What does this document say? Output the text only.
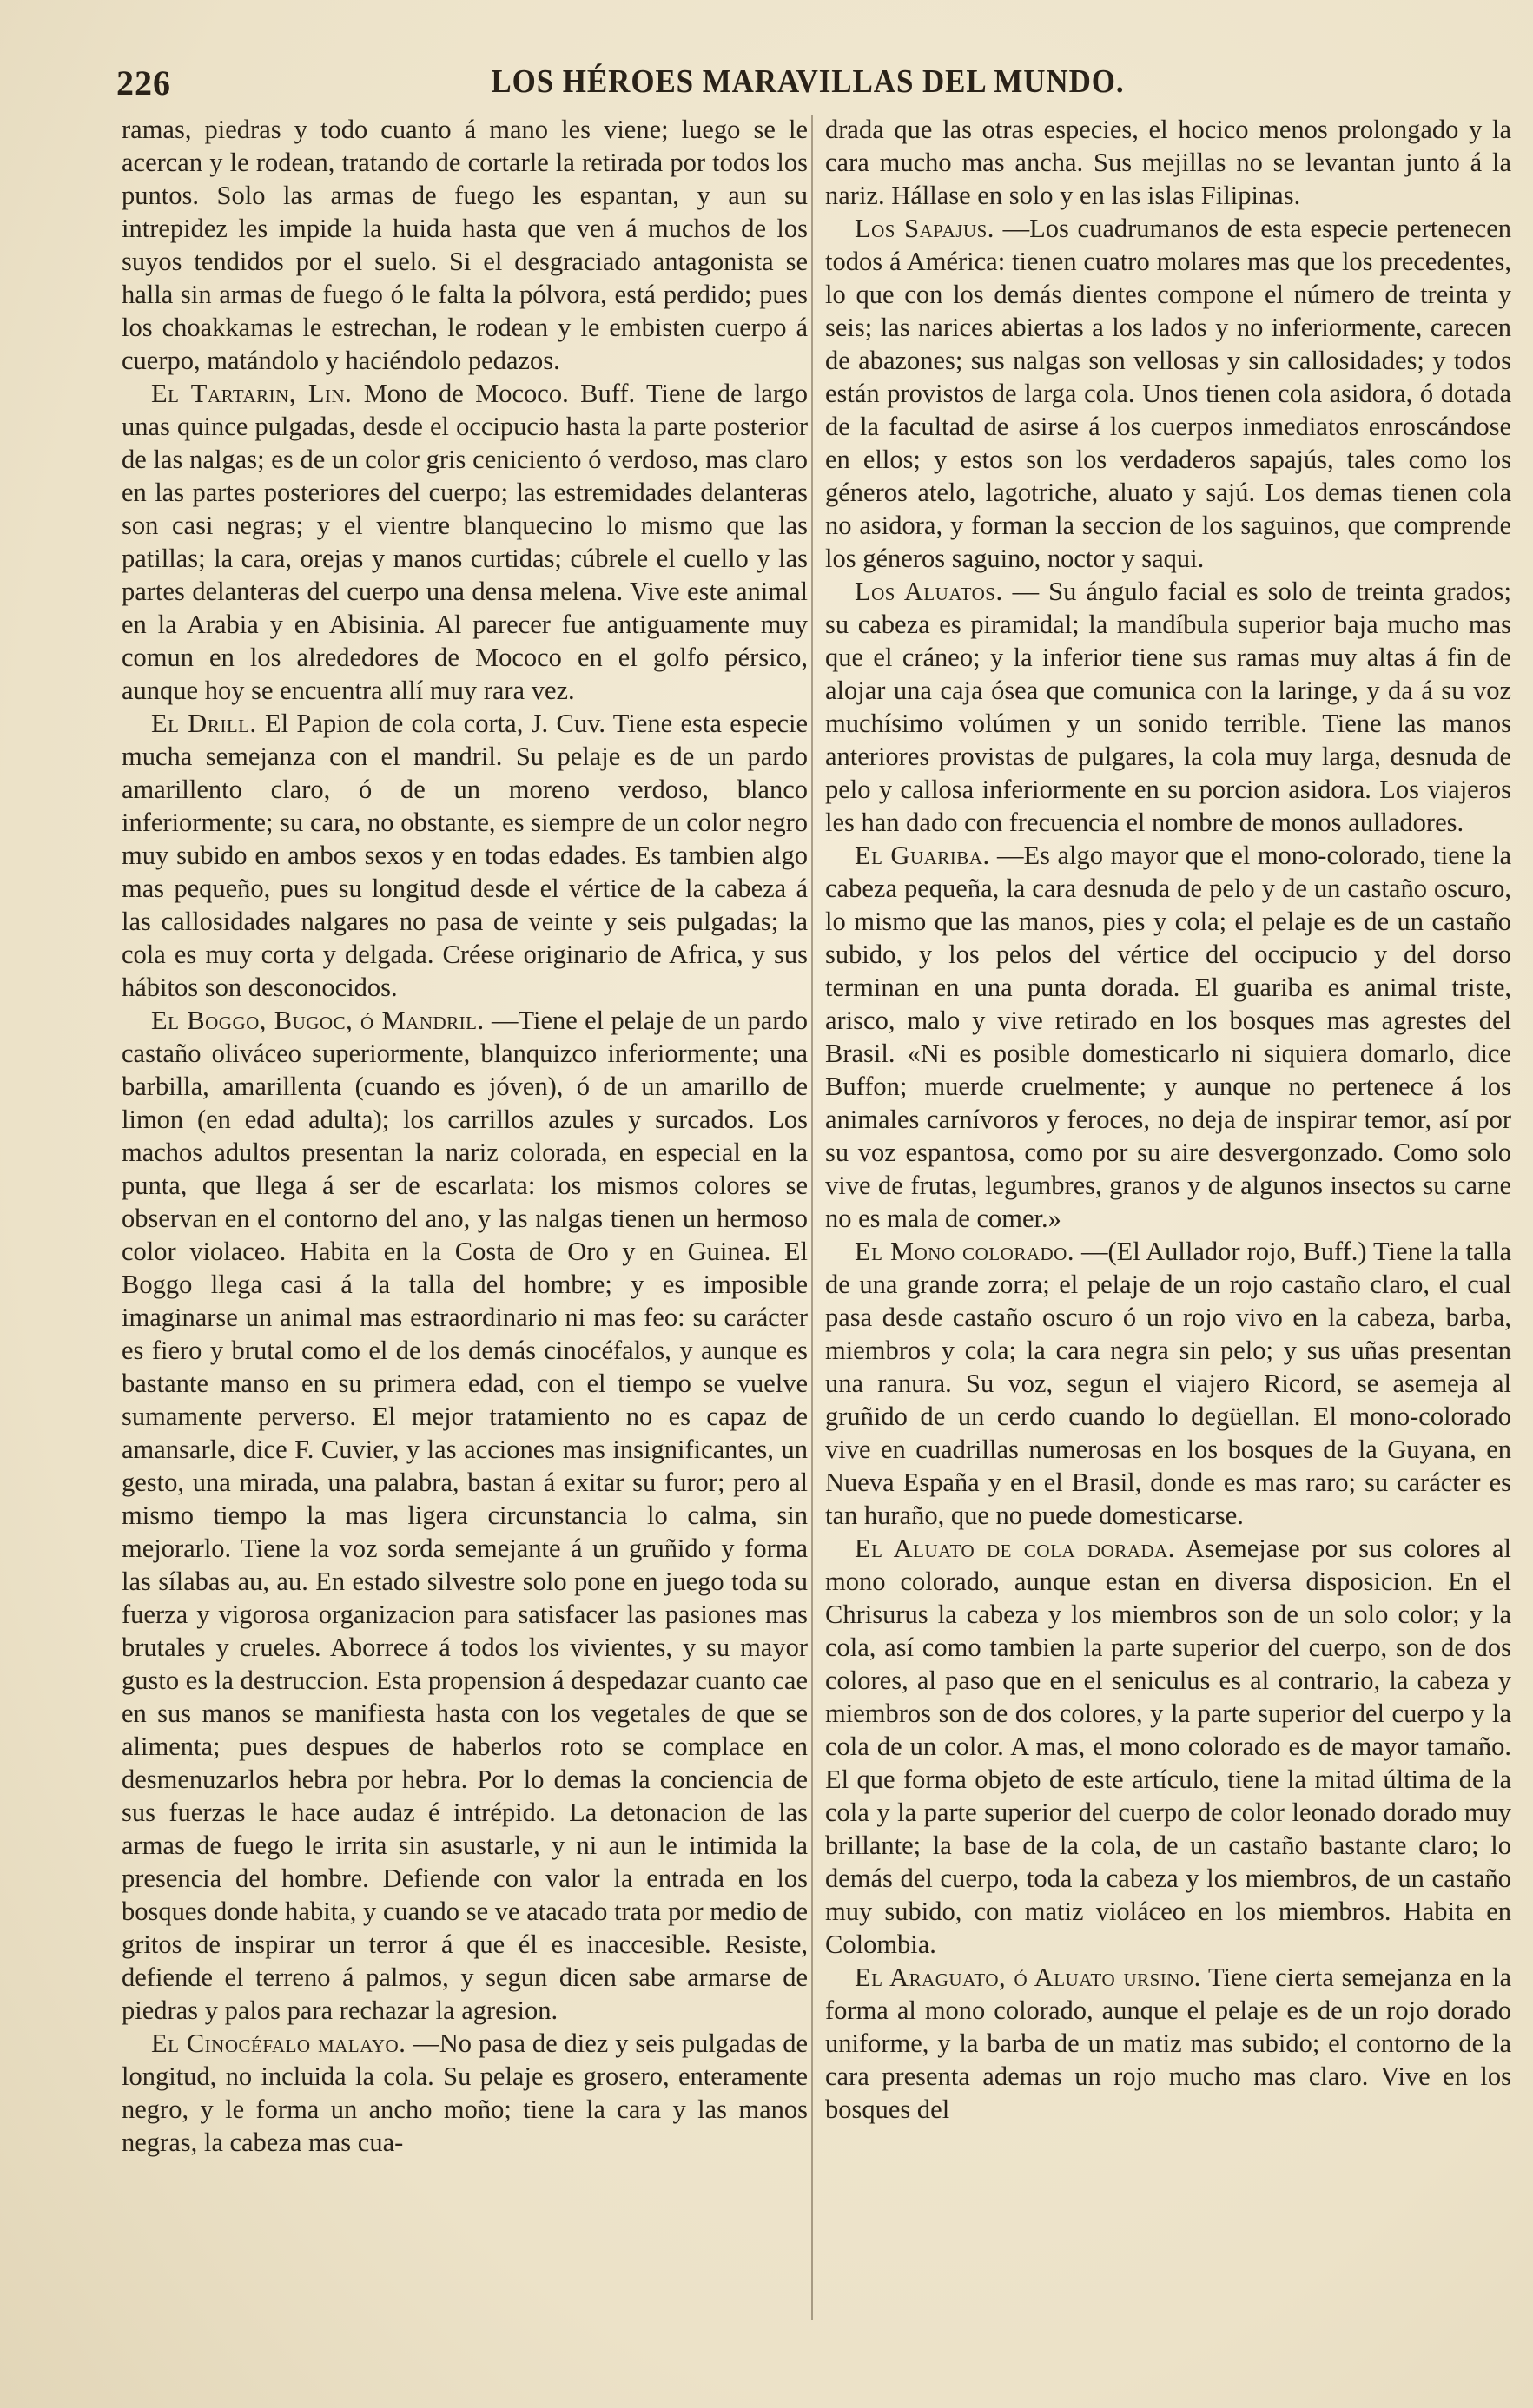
226	LOS HÉROES MARAVILLAS DEL MUNDO.

ramas, piedras y todo cuanto á mano les viene; luego se le acercan y le rodean, tratando de cortarle la retirada por todos los puntos. Solo las armas de fuego les espantan, y aun su intrepidez les impide la huida hasta que ven á muchos de los suyos tendidos por el suelo. Si el desgraciado antagonista se halla sin armas de fuego ó le falta la pólvora, está perdido; pues los choakkamas le estrechan, le rodean y le embisten cuerpo á cuerpo, matándolo y haciéndolo pedazos.

El Tartarin, Lin. Mono de Mococo. Buff. Tiene de largo unas quince pulgadas, desde el occipucio hasta la parte posterior de las nalgas; es de un color gris ceniciento ó verdoso, mas claro en las partes posteriores del cuerpo; las estremidades delanteras son casi negras; y el vientre blanquecino lo mismo que las patillas; la cara, orejas y manos curtidas; cúbrele el cuello y las partes delanteras del cuerpo una densa melena. Vive este animal en la Arabia y en Abisinia. Al parecer fue antiguamente muy comun en los alrededores de Mococo en el golfo pérsico, aunque hoy se encuentra allí muy rara vez.

El Drill. El Papion de cola corta, J. Cuv. Tiene esta especie mucha semejanza con el mandril. Su pelaje es de un pardo amarillento claro, ó de un moreno verdoso, blanco inferiormente; su cara, no obstante, es siempre de un color negro muy subido en ambos sexos y en todas edades. Es tambien algo mas pequeño, pues su longitud desde el vértice de la cabeza á las callosidades nalgares no pasa de veinte y seis pulgadas; la cola es muy corta y delgada. Créese originario de Africa, y sus hábitos son desconocidos.

El Boggo, Bugoc, ó Mandril. —Tiene el pelaje de un pardo castaño oliváceo superiormente, blanquizco inferiormente; una barbilla, amarillenta (cuando es jóven), ó de un amarillo de limon (en edad adulta); los carrillos azules y surcados. Los machos adultos presentan la nariz colorada, en especial en la punta, que llega á ser de escarlata: los mismos colores se observan en el contorno del ano, y las nalgas tienen un hermoso color violaceo. Habita en la Costa de Oro y en Guinea. El Boggo llega casi á la talla del hombre; y es imposible imaginarse un animal mas estraordinario ni mas feo: su carácter es fiero y brutal como el de los demás cinocéfalos, y aunque es bastante manso en su primera edad, con el tiempo se vuelve sumamente perverso. El mejor tratamiento no es capaz de amansarle, dice F. Cuvier, y las acciones mas insignificantes, un gesto, una mirada, una palabra, bastan á exitar su furor; pero al mismo tiempo la mas ligera circunstancia lo calma, sin mejorarlo. Tiene la voz sorda semejante á un gruñido y forma las sílabas au, au. En estado silvestre solo pone en juego toda su fuerza y vigorosa organizacion para satisfacer las pasiones mas brutales y crueles. Aborrece á todos los vivientes, y su mayor gusto es la destruccion. Esta propension á despedazar cuanto cae en sus manos se manifiesta hasta con los vegetales de que se alimenta; pues despues de haberlos roto se complace en desmenuzarlos hebra por hebra. Por lo demas la conciencia de sus fuerzas le hace audaz é intrépido. La detonacion de las armas de fuego le irrita sin asustarle, y ni aun le intimida la presencia del hombre. Defiende con valor la entrada en los bosques donde habita, y cuando se ve atacado trata por medio de gritos de inspirar un terror á que él es inaccesible. Resiste, defiende el terreno á palmos, y segun dicen sabe armarse de piedras y palos para rechazar la agresion.

El Cinocéfalo malayo. —No pasa de diez y seis pulgadas de longitud, no incluida la cola. Su pelaje es grosero, enteramente negro, y le forma un ancho moño; tiene la cara y las manos negras, la cabeza mas cua-

drada que las otras especies, el hocico menos prolongado y la cara mucho mas ancha. Sus mejillas no se levantan junto á la nariz. Hállase en solo y en las islas Filipinas.

Los Sapajus. —Los cuadrumanos de esta especie pertenecen todos á América: tienen cuatro molares mas que los precedentes, lo que con los demás dientes compone el número de treinta y seis; las narices abiertas a los lados y no inferiormente, carecen de abazones; sus nalgas son vellosas y sin callosidades; y todos están provistos de larga cola. Unos tienen cola asidora, ó dotada de la facultad de asirse á los cuerpos inmediatos enroscándose en ellos; y estos son los verdaderos sapajús, tales como los géneros atelo, lagotriche, aluato y sajú. Los demas tienen cola no asidora, y forman la seccion de los saguinos, que comprende los géneros saguino, noctor y saqui.

Los Aluatos. — Su ángulo facial es solo de treinta grados; su cabeza es piramidal; la mandíbula superior baja mucho mas que el cráneo; y la inferior tiene sus ramas muy altas á fin de alojar una caja ósea que comunica con la laringe, y da á su voz muchísimo volúmen y un sonido terrible. Tiene las manos anteriores provistas de pulgares, la cola muy larga, desnuda de pelo y callosa inferiormente en su porcion asidora. Los viajeros les han dado con frecuencia el nombre de monos aulladores.

El Guariba. —Es algo mayor que el mono-colorado, tiene la cabeza pequeña, la cara desnuda de pelo y de un castaño oscuro, lo mismo que las manos, pies y cola; el pelaje es de un castaño subido, y los pelos del vértice del occipucio y del dorso terminan en una punta dorada. El guariba es animal triste, arisco, malo y vive retirado en los bosques mas agrestes del Brasil. «Ni es posible domesticarlo ni siquiera domarlo, dice Buffon; muerde cruelmente; y aunque no pertenece á los animales carnívoros y feroces, no deja de inspirar temor, así por su voz espantosa, como por su aire desvergonzado. Como solo vive de frutas, legumbres, granos y de algunos insectos su carne no es mala de comer.»

El Mono colorado. —(El Aullador rojo, Buff.) Tiene la talla de una grande zorra; el pelaje de un rojo castaño claro, el cual pasa desde castaño oscuro ó un rojo vivo en la cabeza, barba, miembros y cola; la cara negra sin pelo; y sus uñas presentan una ranura. Su voz, segun el viajero Ricord, se asemeja al gruñido de un cerdo cuando lo degüellan. El mono-colorado vive en cuadrillas numerosas en los bosques de la Guyana, en Nueva España y en el Brasil, donde es mas raro; su carácter es tan huraño, que no puede domesticarse.

El Aluato de cola dorada. Asemejase por sus colores al mono colorado, aunque estan en diversa disposicion. En el Chrisurus la cabeza y los miembros son de un solo color; y la cola, así como tambien la parte superior del cuerpo, son de dos colores, al paso que en el seniculus es al contrario, la cabeza y miembros son de dos colores, y la parte superior del cuerpo y la cola de un color. A mas, el mono colorado es de mayor tamaño. El que forma objeto de este artículo, tiene la mitad última de la cola y la parte superior del cuerpo de color leonado dorado muy brillante; la base de la cola, de un castaño bastante claro; lo demás del cuerpo, toda la cabeza y los miembros, de un castaño muy subido, con matiz violáceo en los miembros. Habita en Colombia.

El Araguato, ó Aluato ursino. Tiene cierta semejanza en la forma al mono colorado, aunque el pelaje es de un rojo dorado uniforme, y la barba de un matiz mas subido; el contorno de la cara presenta ademas un rojo mucho mas claro. Vive en los bosques del
